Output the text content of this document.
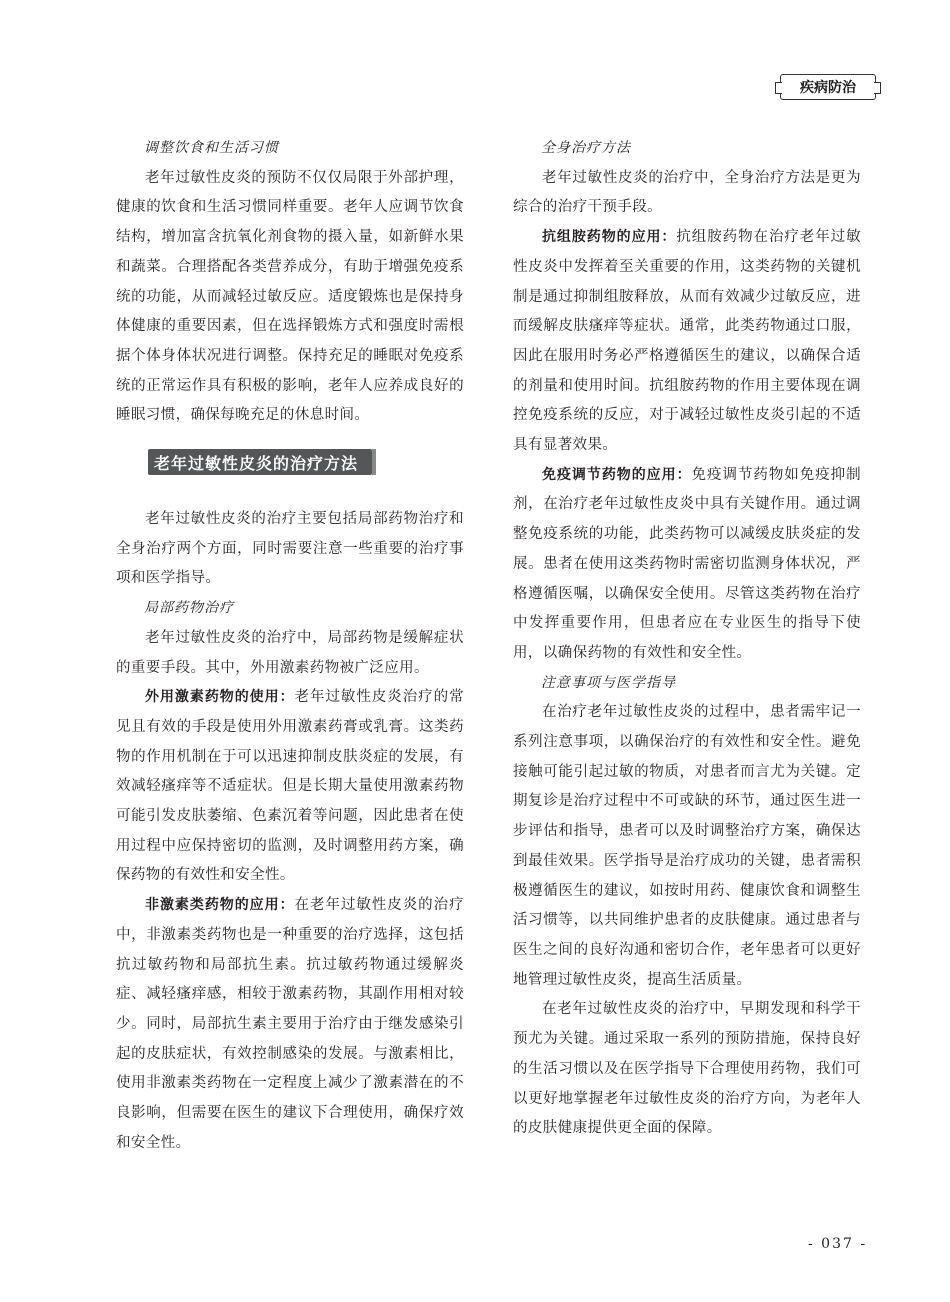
疾病防治

调整饮食和生活习惯

老年过敏性皮炎的预防不仅仅局限于外部护理，健康的饮食和生活习惯同样重要。老年人应调节饮食结构，增加富含抗氧化剂食物的摄入量，如新鲜水果和蔬菜。合理搭配各类营养成分，有助于增强免疫系统的功能，从而减轻过敏反应。适度锻炼也是保持身体健康的重要因素，但在选择锻炼方式和强度时需根据个体身体状况进行调整。保持充足的睡眠对免疫系统的正常运作具有积极的影响，老年人应养成良好的睡眠习惯，确保每晚充足的休息时间。

老年过敏性皮炎的治疗方法

老年过敏性皮炎的治疗主要包括局部药物治疗和全身治疗两个方面，同时需要注意一些重要的治疗事项和医学指导。

局部药物治疗

老年过敏性皮炎的治疗中，局部药物是缓解症状的重要手段。其中，外用激素药物被广泛应用。

外用激素药物的使用：老年过敏性皮炎治疗的常见且有效的手段是使用外用激素药膏或乳膏。这类药物的作用机制在于可以迅速抑制皮肤炎症的发展，有效减轻瘙痒等不适症状。但是长期大量使用激素药物可能引发皮肤萎缩、色素沉着等问题，因此患者在使用过程中应保持密切的监测，及时调整用药方案，确保药物的有效性和安全性。

非激素类药物的应用：在老年过敏性皮炎的治疗中，非激素类药物也是一种重要的治疗选择，这包括抗过敏药物和局部抗生素。抗过敏药物通过缓解炎症、减轻瘙痒感，相较于激素药物，其副作用相对较少。同时，局部抗生素主要用于治疗由于继发感染引起的皮肤症状，有效控制感染的发展。与激素相比，使用非激素类药物在一定程度上减少了激素潜在的不良影响，但需要在医生的建议下合理使用，确保疗效和安全性。

全身治疗方法

老年过敏性皮炎的治疗中，全身治疗方法是更为综合的治疗干预手段。

抗组胺药物的应用：抗组胺药物在治疗老年过敏性皮炎中发挥着至关重要的作用，这类药物的关键机制是通过抑制组胺释放，从而有效减少过敏反应，进而缓解皮肤瘙痒等症状。通常，此类药物通过口服，因此在服用时务必严格遵循医生的建议，以确保合适的剂量和使用时间。抗组胺药物的作用主要体现在调控免疫系统的反应，对于减轻过敏性皮炎引起的不适具有显著效果。

免疫调节药物的应用：免疫调节药物如免疫抑制剂，在治疗老年过敏性皮炎中具有关键作用。通过调整免疫系统的功能，此类药物可以减缓皮肤炎症的发展。患者在使用这类药物时需密切监测身体状况，严格遵循医嘱，以确保安全使用。尽管这类药物在治疗中发挥重要作用，但患者应在专业医生的指导下使用，以确保药物的有效性和安全性。

注意事项与医学指导

在治疗老年过敏性皮炎的过程中，患者需牢记一系列注意事项，以确保治疗的有效性和安全性。避免接触可能引起过敏的物质，对患者而言尤为关键。定期复诊是治疗过程中不可或缺的环节，通过医生进一步评估和指导，患者可以及时调整治疗方案，确保达到最佳效果。医学指导是治疗成功的关键，患者需积极遵循医生的建议，如按时用药、健康饮食和调整生活习惯等，以共同维护患者的皮肤健康。通过患者与医生之间的良好沟通和密切合作，老年患者可以更好地管理过敏性皮炎，提高生活质量。

在老年过敏性皮炎的治疗中，早期发现和科学干预尤为关键。通过采取一系列的预防措施，保持良好的生活习惯以及在医学指导下合理使用药物，我们可以更好地掌握老年过敏性皮炎的治疗方向，为老年人的皮肤健康提供更全面的保障。

- 037 -
